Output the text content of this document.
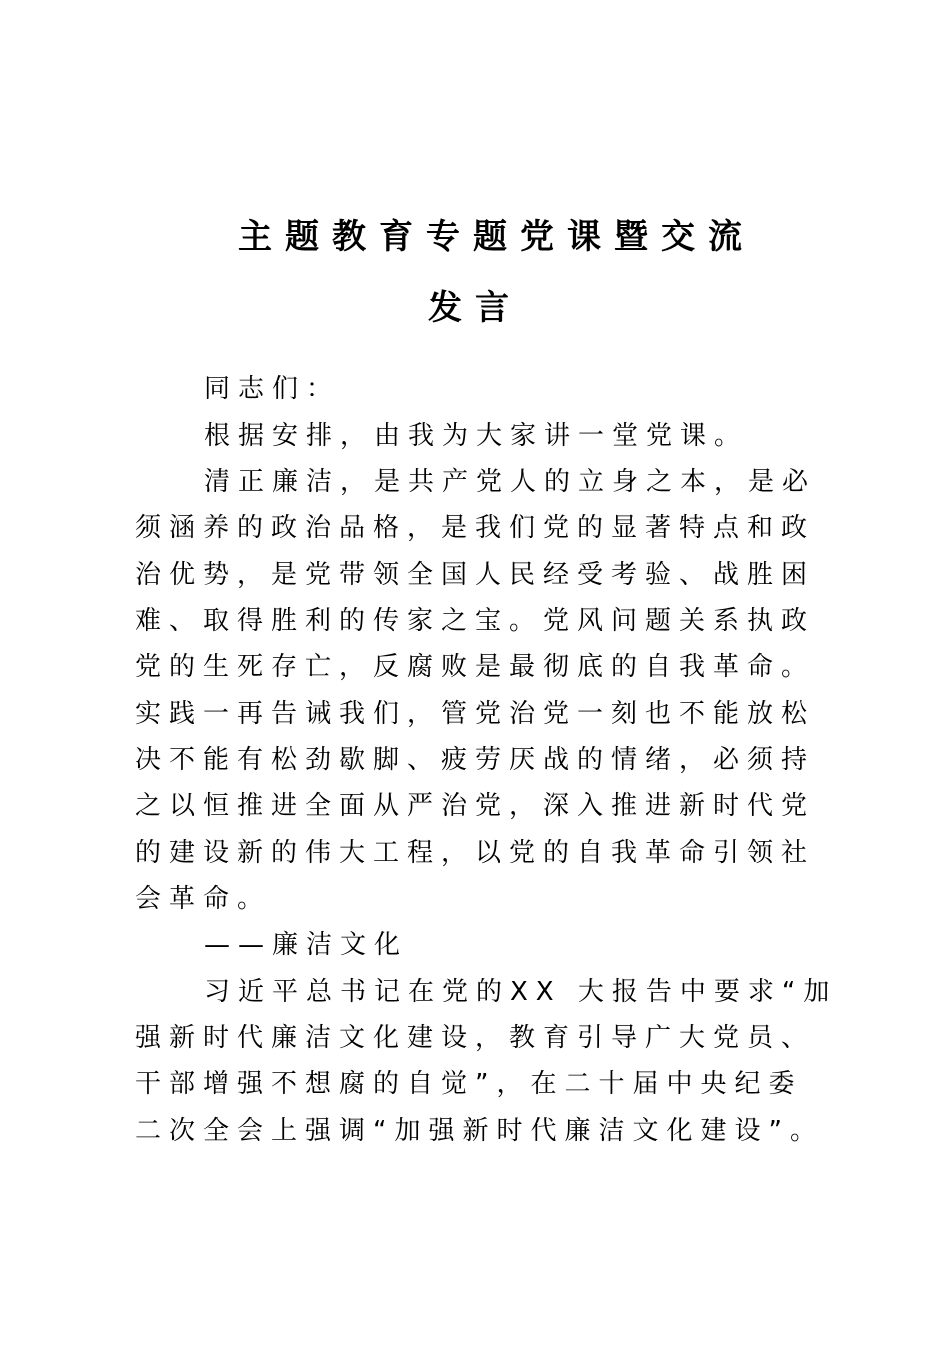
主题教育专题党课暨交流
发言
同志们：
根据安排，由我为大家讲一堂党课。
清正廉洁，是共产党人的立身之本，是必
须涵养的政治品格，是我们党的显著特点和政
治优势，是党带领全国人民经受考验、战胜困
难、取得胜利的传家之宝。党风问题关系执政
党的生死存亡，反腐败是最彻底的自我革命。
实践一再告诫我们，管党治党一刻也不能放松
决不能有松劲歇脚、疲劳厌战的情绪，必须持
之以恒推进全面从严治党，深入推进新时代党
的建设新的伟大工程，以党的自我革命引领社
会革命。
——廉洁文化
习近平总书记在党的XX 大报告中要求“加
强新时代廉洁文化建设，教育引导广大党员、
干部增强不想腐的自觉”，在二十届中央纪委
二次全会上强调“加强新时代廉洁文化建设”。
